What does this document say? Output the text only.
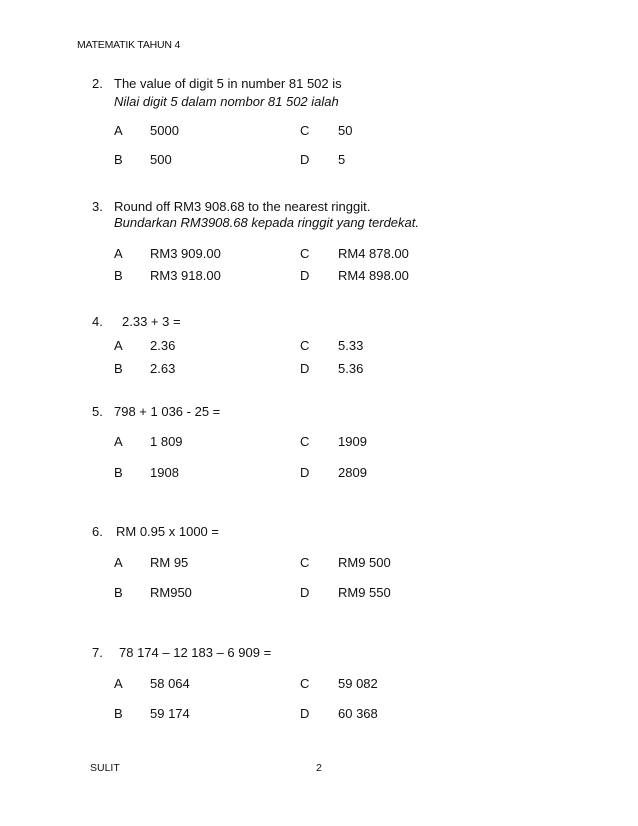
MATEMATIK TAHUN 4
2. The value of digit 5 in number 81 502 is
Nilai digit 5 dalam nombor 81 502 ialah
A 5000	C 50
B 500	D 5
3. Round off RM3 908.68 to the nearest ringgit.
Bundarkan RM3908.68 kepada ringgit yang terdekat.
A RM3 909.00	C RM4 878.00
B RM3 918.00	D RM4 898.00
4. 2.33 + 3 =
A 2.36	C 5.33
B 2.63	D 5.36
5. 798 + 1 036 - 25 =
A 1 809	C 1909
B 1908	D 2809
6. RM 0.95 x 1000 =
A RM 95	C RM9 500
B RM950	D RM9 550
7. 78 174 – 12 183 – 6 909 =
A 58 064	C 59 082
B 59 174	D 60 368
SULIT	2
